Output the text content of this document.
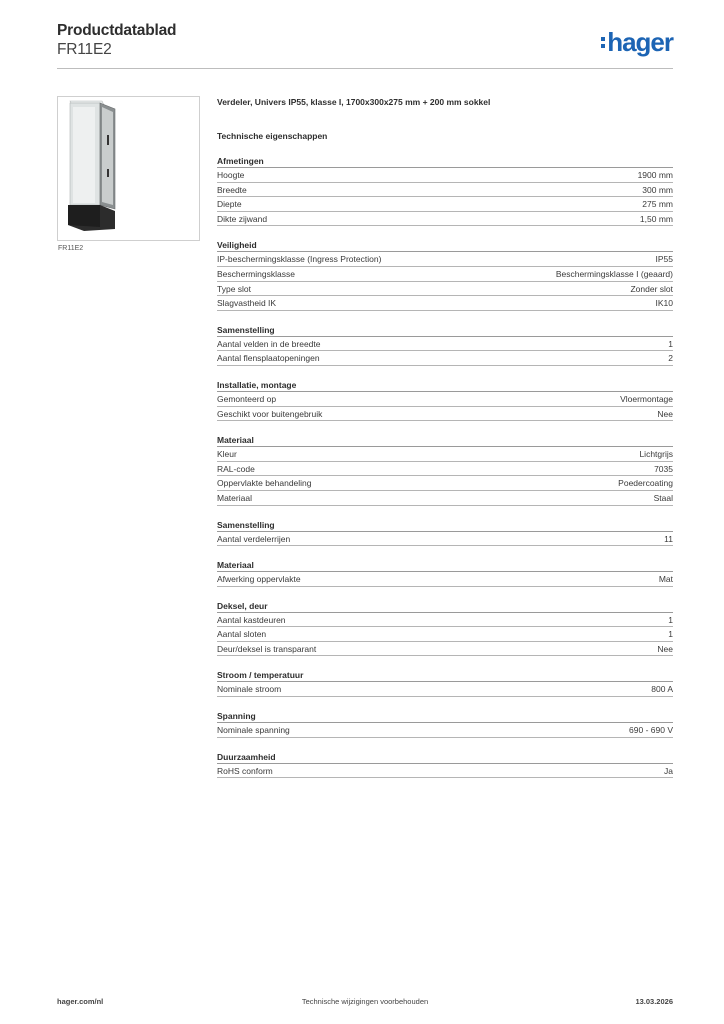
Productdatablad
FR11E2	hager
FR11E2
Verdeler, Univers IP55, klasse I, 1700x300x275 mm + 200 mm sokkel
Technische eigenschappen
Afmetingen
Hoogte	1900 mm
Breedte	300 mm
Diepte	275 mm
Dikte zijwand	1,50 mm
Veiligheid
IP-beschermingsklasse (Ingress Protection)	IP55
Beschermingsklasse	Beschermingsklasse I (geaard)
Type slot	Zonder slot
Slagvastheid IK	IK10
Samenstelling
Aantal velden in de breedte	1
Aantal flensplaatopeningen	2
Installatie, montage
Gemonteerd op	Vloermontage
Geschikt voor buitengebruik	Nee
Materiaal
Kleur	Lichtgrijs
RAL-code	7035
Oppervlakte behandeling	Poedercoating
Materiaal	Staal
Samenstelling
Aantal verdelerrijen	11
Materiaal
Afwerking oppervlakte	Mat
Deksel, deur
Aantal kastdeuren	1
Aantal sloten	1
Deur/deksel is transparant	Nee
Stroom / temperatuur
Nominale stroom	800 A
Spanning
Nominale spanning	690 - 690 V
Duurzaamheid
RoHS conform	Ja
hager.com/nl	Technische wijzigingen voorbehouden	13.03.2026
